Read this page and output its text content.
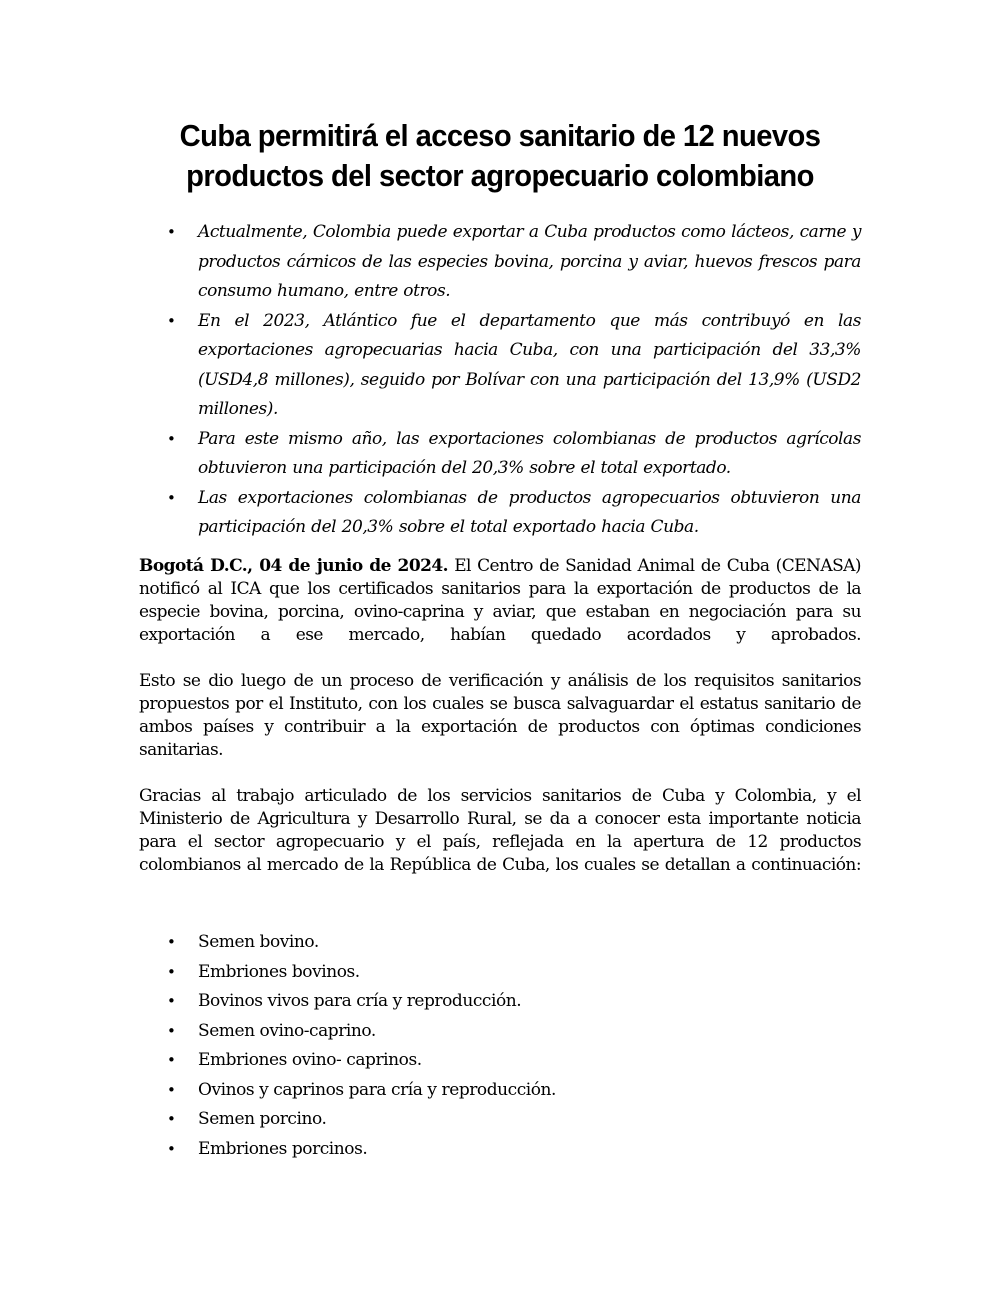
Cuba permitirá el acceso sanitario de 12 nuevos
productos del sector agropecuario colombiano
• Actualmente, Colombia puede exportar a Cuba productos como lácteos, carne y productos cárnicos de las especies bovina, porcina y aviar, huevos frescos para consumo humano, entre otros.
• En el 2023, Atlántico fue el departamento que más contribuyó en las exportaciones agropecuarias hacia Cuba, con una participación del 33,3% (USD4,8 millones), seguido por Bolívar con una participación del 13,9% (USD2 millones).
• Para este mismo año, las exportaciones colombianas de productos agrícolas obtuvieron una participación del 20,3% sobre el total exportado.
• Las exportaciones colombianas de productos agropecuarios obtuvieron una participación del 20,3% sobre el total exportado hacia Cuba.

Bogotá D.C., 04 de junio de 2024. El Centro de Sanidad Animal de Cuba (CENASA) notificó al ICA que los certificados sanitarios para la exportación de productos de la especie bovina, porcina, ovino-caprina y aviar, que estaban en negociación para su exportación a ese mercado, habían quedado acordados y aprobados.

Esto se dio luego de un proceso de verificación y análisis de los requisitos sanitarios propuestos por el Instituto, con los cuales se busca salvaguardar el estatus sanitario de ambos países y contribuir a la exportación de productos con óptimas condiciones sanitarias.

Gracias al trabajo articulado de los servicios sanitarios de Cuba y Colombia, y el Ministerio de Agricultura y Desarrollo Rural, se da a conocer esta importante noticia para el sector agropecuario y el país, reflejada en la apertura de 12 productos colombianos al mercado de la República de Cuba, los cuales se detallan a continuación:

• Semen bovino.
• Embriones bovinos.
• Bovinos vivos para cría y reproducción.
• Semen ovino-caprino.
• Embriones ovino- caprinos.
• Ovinos y caprinos para cría y reproducción.
• Semen porcino.
• Embriones porcinos.
